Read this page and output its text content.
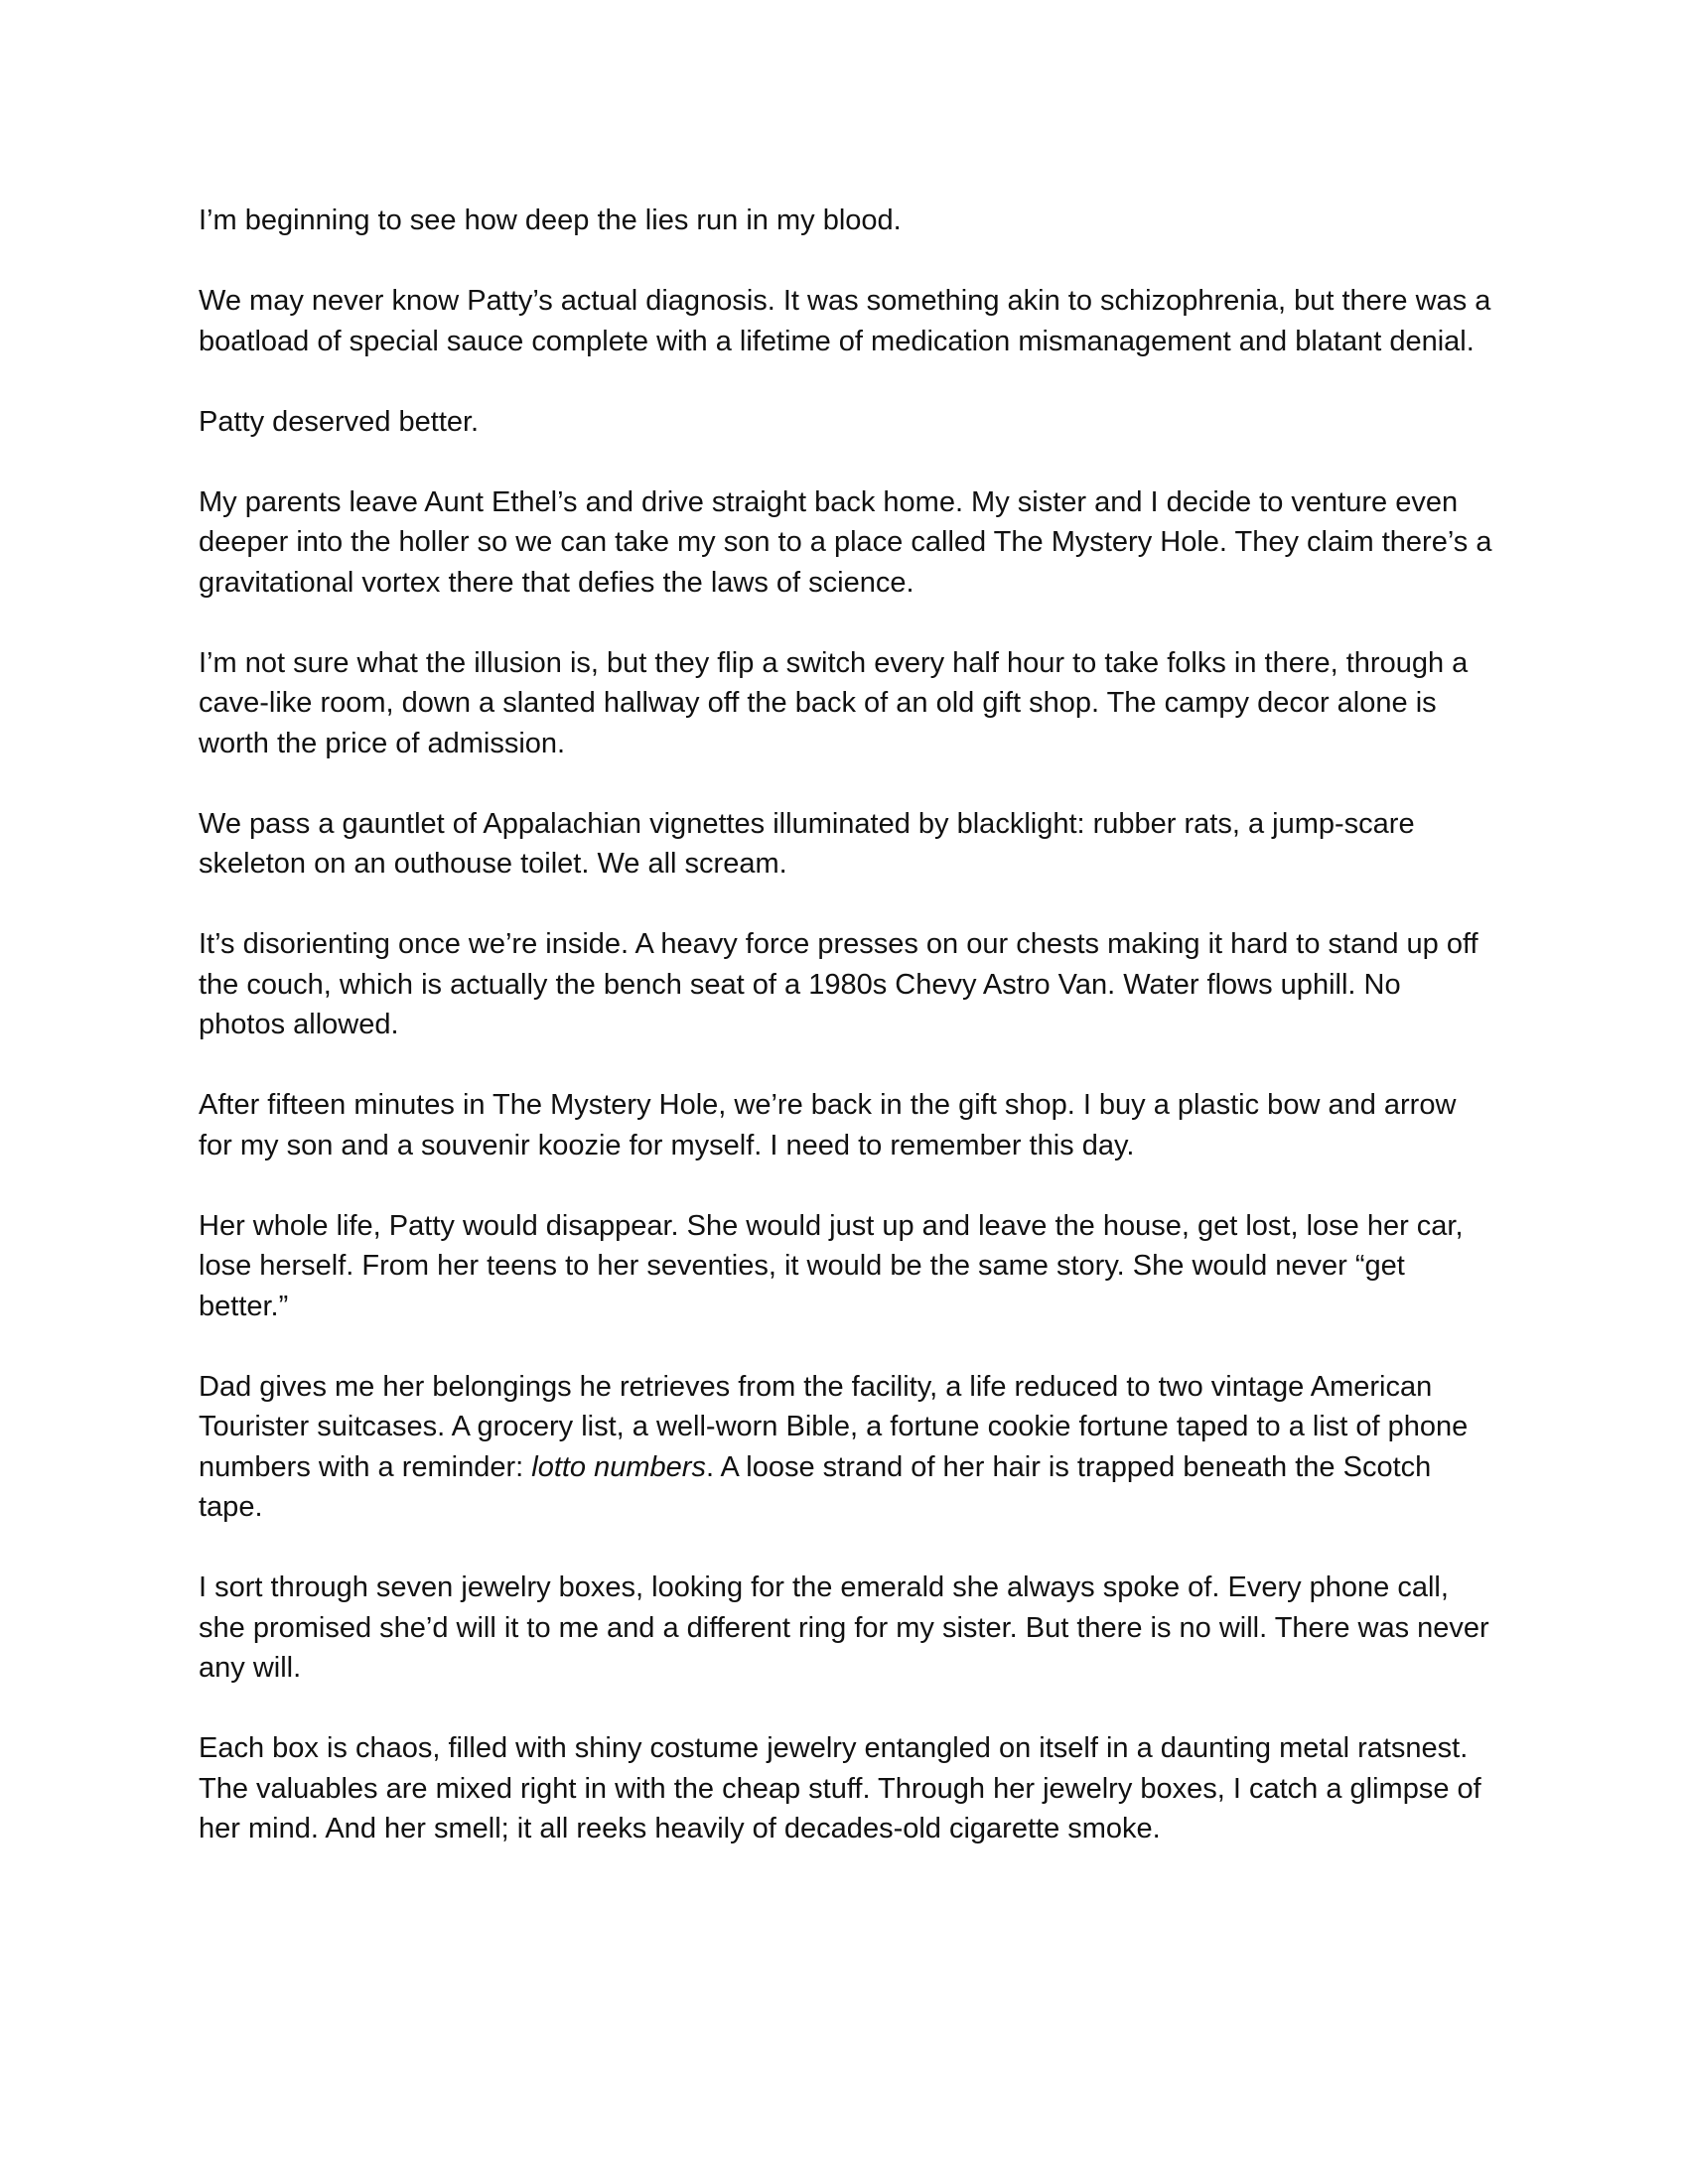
I’m beginning to see how deep the lies run in my blood.

We may never know Patty’s actual diagnosis. It was something akin to schizophrenia, but there was a boatload of special sauce complete with a lifetime of medication mismanagement and blatant denial.

Patty deserved better.

My parents leave Aunt Ethel’s and drive straight back home. My sister and I decide to venture even deeper into the holler so we can take my son to a place called The Mystery Hole. They claim there’s a gravitational vortex there that defies the laws of science.

I’m not sure what the illusion is, but they flip a switch every half hour to take folks in there, through a cave-like room, down a slanted hallway off the back of an old gift shop. The campy decor alone is worth the price of admission.

We pass a gauntlet of Appalachian vignettes illuminated by blacklight: rubber rats, a jump-scare skeleton on an outhouse toilet. We all scream.

It’s disorienting once we’re inside. A heavy force presses on our chests making it hard to stand up off the couch, which is actually the bench seat of a 1980s Chevy Astro Van. Water flows uphill. No photos allowed.

After fifteen minutes in The Mystery Hole, we’re back in the gift shop. I buy a plastic bow and arrow for my son and a souvenir koozie for myself. I need to remember this day.

Her whole life, Patty would disappear. She would just up and leave the house, get lost, lose her car, lose herself. From her teens to her seventies, it would be the same story. She would never “get better.”

Dad gives me her belongings he retrieves from the facility, a life reduced to two vintage American Tourister suitcases. A grocery list, a well-worn Bible, a fortune cookie fortune taped to a list of phone numbers with a reminder: lotto numbers. A loose strand of her hair is trapped beneath the Scotch tape.

I sort through seven jewelry boxes, looking for the emerald she always spoke of. Every phone call, she promised she’d will it to me and a different ring for my sister. But there is no will. There was never any will.

Each box is chaos, filled with shiny costume jewelry entangled on itself in a daunting metal ratsnest. The valuables are mixed right in with the cheap stuff. Through her jewelry boxes, I catch a glimpse of her mind. And her smell; it all reeks heavily of decades-old cigarette smoke.
